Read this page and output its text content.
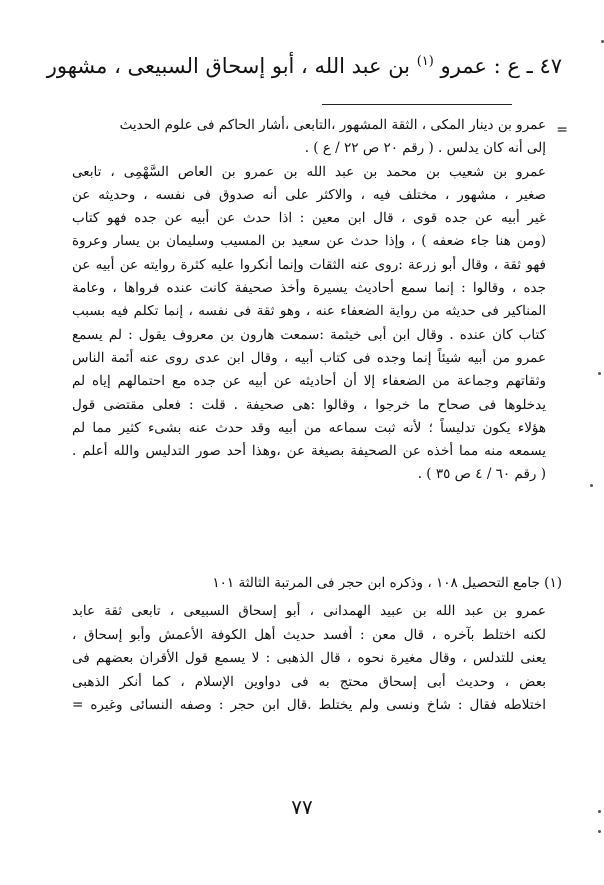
٤٧ ـ ع : عمرو $^{(١)}$ بن عبد الله ، أبو إسحاق السبيعى ، مشهور
=
عمرو بن دينار المكى ، الثقة المشهور ،التابعى ،أشار الحاكم فى علوم الحديث
إلى أنه كان يدلس . ( رقم ٢٠ ص ٢٢ / ع ) .
عمرو بن شعيب بن محمد بن عبد الله بن عمرو بن العاص السَّهْمِى ، تابعى
صغير ، مشهور ، مختلف فيه ، والاكثر على أنه صدوق فى نفسه ، وحديثه عن
غير أبيه عن جده قوى ، قال ابن معين : اذا حدث عن أبيه عن جده فهو كتاب
(ومن هنا جاء ضعفه ) ، وإذا حدث عن سعيد بن المسيب وسليمان بن يسار وعروة
فهو ثقة ، وقال أبو زرعة :روى عنه الثقات وإنما أنكروا عليه كثرة روايته عن أبيه عن
جده ، وقالوا : إنما سمع أحاديث يسيرة وأخذ صحيفة كانت عنده فرواها ، وعامة
المناكير فى حديثه من رواية الضعفاء عنه ، وهو ثقة فى نفسه ، إنما تكلم فيه بسبب
كتاب كان عنده . وقال ابن أبى خيثمة :سمعت هارون بن معروف يقول : لم يسمع
عمرو من أبيه شيئاً إنما وجده فى كتاب أبيه ، وقال ابن عدى روى عنه أئمة الناس
وثقاتهم وجماعة من الضعفاء إلا أن أحاديثه عن أبيه عن جده مع احتمالهم إياه لم
يدخلوها فى صحاح ما خرجوا ، وقالوا :هى صحيفة . قلت : فعلى مقتضى قول
هؤلاء يكون تدليساً ؛ لأنه ثبت سماعه من أبيه وقد حدث عنه بشىء كثير مما لم
يسمعه منه مما أخذه عن الصحيفة بصيغة عن ،وهذا أحد صور التدليس والله أعلم .
( رقم ٦٠ / ٤ ص ٣٥ ) .
(١) جامع التحصيل ١٠٨ ، وذكره ابن حجر فى المرتبة الثالثة ١٠١
عمرو بن عبد الله بن عبيد الهمدانى ، أبو إسحاق السبيعى ، تابعى ثقة عابد
لكنه اختلط بآخره ، قال معن : أفسد حديث أهل الكوفة الأعمش وأبو إسحاق ،
يعنى للتدلس ، وقال مغيرة نحوه ، قال الذهبى : لا يسمع قول الأقران بعضهم فى
بعض ، وحديث أبى إسحاق محتج به فى دواوين الإسلام ، كما أنكر الذهبى
اختلاطه فقال : شاخ ونسى ولم يختلط .قال ابن حجر : وصفه النسائى وغيره =
٧٧
